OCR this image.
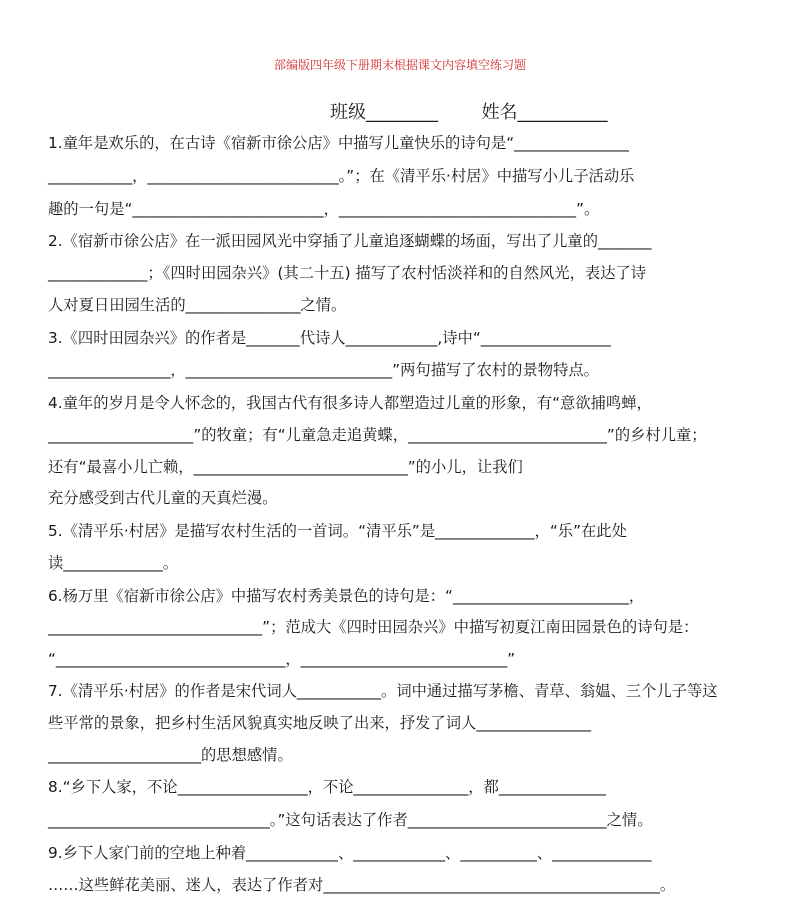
部编版四年级下册期末根据课文内容填空练习题
班级________ 姓名__________
1.童年是欢乐的，在古诗《宿新市徐公店》中描写儿童快乐的诗句是“_______________
___________，_________________________。”；在《清平乐·村居》中描写小儿子活动乐
趣的一句是“_________________________，_______________________________”。
2.《宿新市徐公店》在一派田园风光中穿插了儿童追逐蝴蝶的场面，写出了儿童的_______
_____________；《四时田园杂兴》(其二十五) 描写了农村恬淡祥和的自然风光，表达了诗
人对夏日田园生活的_______________之情。
3.《四时田园杂兴》的作者是_______代诗人____________,诗中“_________________
________________，___________________________”两句描写了农村的景物特点。
4.童年的岁月是令人怀念的，我国古代有很多诗人都塑造过儿童的形象，有“意欲捕鸣蝉，
___________________”的牧童；有“儿童急走追黄蝶，__________________________”的乡村儿童；
还有“最喜小儿亡赖，____________________________”的小儿，让我们
充分感受到古代儿童的天真烂漫。
5.《清平乐·村居》是描写农村生活的一首词。“清平乐”是_____________，“乐”在此处
读_____________。
6.杨万里《宿新市徐公店》中描写农村秀美景色的诗句是：“_______________________，
____________________________”；范成大《四时田园杂兴》中描写初夏江南田园景色的诗句是：
“______________________________，___________________________”
7.《清平乐·村居》的作者是宋代词人___________。词中通过描写茅檐、青草、翁媪、三个儿子等这
些平常的景象，把乡村生活风貌真实地反映了出来，抒发了词人_______________
____________________的思想感情。
8.“乡下人家，不论_________________，不论_______________，都______________
_____________________________。”这句话表达了作者__________________________之情。
9.乡下人家门前的空地上种着____________、____________、__________、_____________
……这些鲜花美丽、迷人，表达了作者对____________________________________________。
